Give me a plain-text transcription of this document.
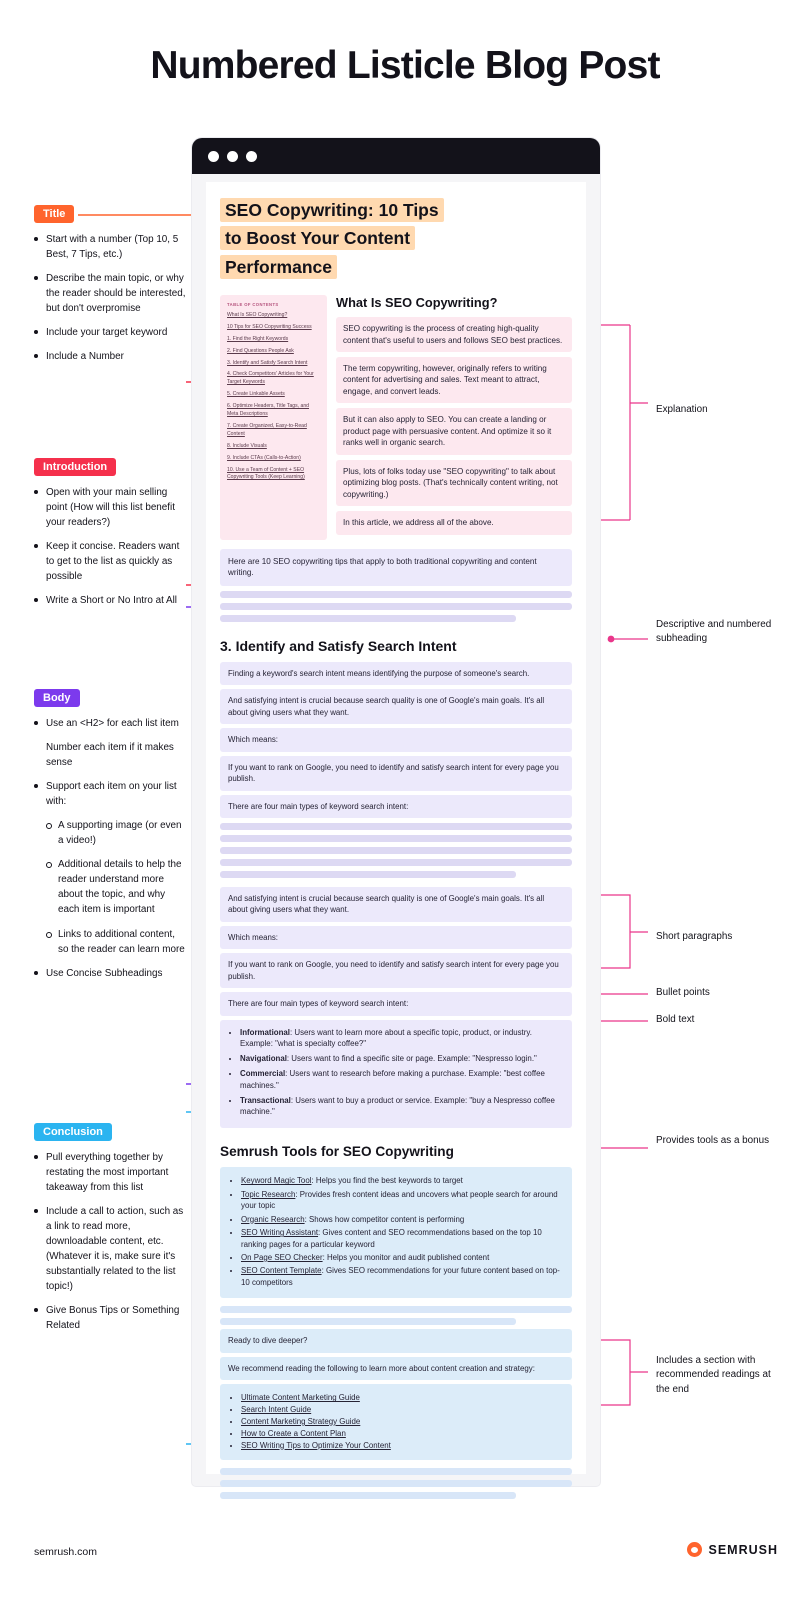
Numbered Listicle Blog Post
SEO Copywriting: 10 Tips
to Boost Your Content
Performance
TABLE OF CONTENTS
What Is SEO Copywriting?
10 Tips for SEO Copywriting Success
1. Find the Right Keywords
2. Find Questions People Ask
3. Identify and Satisfy Search Intent
4. Check Competitors' Articles for Your Target Keywords
5. Create Linkable Assets
6. Optimize Headers, Title Tags, and Meta Descriptions
7. Create Organized, Easy-to-Read Content
8. Include Visuals
9. Include CTAs (Calls-to-Action)
10. Use a Team of Content + SEO Copywriting Tools (Keep Learning)
What Is SEO Copywriting?

SEO copywriting is the process of creating high-quality content that's useful to users and follows SEO best practices.

The term copywriting, however, originally refers to writing content for advertising and sales. Text meant to attract, engage, and convert leads.

But it can also apply to SEO. You can create a landing or product page with persuasive content. And optimize it so it ranks well in organic search.

Plus, lots of folks today use "SEO copywriting" to talk about optimizing blog posts. (That's technically content writing, not copywriting.)

In this article, we address all of the above.

Here are 10 SEO copywriting tips that apply to both traditional copywriting and content writing.
3. Identify and Satisfy Search Intent
Finding a keyword's search intent means identifying the purpose of someone's search.
And satisfying intent is crucial because search quality is one of Google's main goals. It's all about giving users what they want.
Which means:
If you want to rank on Google, you need to identify and satisfy search intent for every page you publish.
There are four main types of keyword search intent:
And satisfying intent is crucial because search quality is one of Google's main goals. It's all about giving users what they want.
Which means:
If you want to rank on Google, you need to identify and satisfy search intent for every page you publish.
There are four main types of keyword search intent:
• Informational: Users want to learn more about a specific topic, product, or industry. Example: "what is specialty coffee?"
• Navigational: Users want to find a specific site or page. Example: "Nespresso login."
• Commercial: Users want to research before making a purchase. Example: "best coffee machines."
• Transactional: Users want to buy a product or service. Example: "buy a Nespresso coffee machine."
Semrush Tools for SEO Copywriting
• Keyword Magic Tool: Helps you find the best keywords to target
• Topic Research: Provides fresh content ideas and uncovers what people search for around your topic
• Organic Research: Shows how competitor content is performing
• SEO Writing Assistant: Gives content and SEO recommendations based on the top 10 ranking pages for a particular keyword
• On Page SEO Checker: Helps you monitor and audit published content
• SEO Content Template: Gives SEO recommendations for your future content based on top-10 competitors
Ready to dive deeper?
We recommend reading the following to learn more about content creation and strategy:
• Ultimate Content Marketing Guide
• Search Intent Guide
• Content Marketing Strategy Guide
• How to Create a Content Plan
• SEO Writing Tips to Optimize Your Content
Title
Start with a number (Top 10, 5 Best, 7 Tips, etc.)
Describe the main topic, or why the reader should be interested, but don't overpromise
Include your target keyword
Include a Number
Introduction
Open with your main selling point (How will this list benefit your readers?)
Keep it concise. Readers want to get to the list as quickly as possible
Write a Short or No Intro at All
Body
Use an <H2> for each list item
Number each item if it makes sense
Support each item on your list with:
A supporting image (or even a video!)
Additional details to help the reader understand more about the topic, and why each item is important
Links to additional content, so the reader can learn more
Use Concise Subheadings
Conclusion
Pull everything together by restating the most important takeaway from this list
Include a call to action, such as a link to read more, downloadable content, etc. (Whatever it is, make sure it's substantially related to the list topic!)
Give Bonus Tips or Something Related
Explanation
Descriptive and numbered subheading
Short paragraphs
Bullet points
Bold text
Provides tools as a bonus
Includes a section with recommended readings at the end
semrush.com	SEMRUSH
